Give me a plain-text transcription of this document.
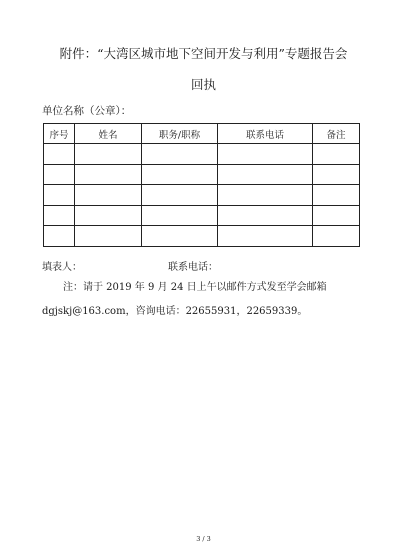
附件：“大湾区城市地下空间开发与利用”专题报告会
回执
单位名称（公章）：
序号	姓名	职务/职称	联系电话	备注

填表人：	联系电话：
注：请于 2019 年 9 月 24 日上午以邮件方式发至学会邮箱
dgjskj@163.com，咨询电话：22655931，22659339。
3 / 3
